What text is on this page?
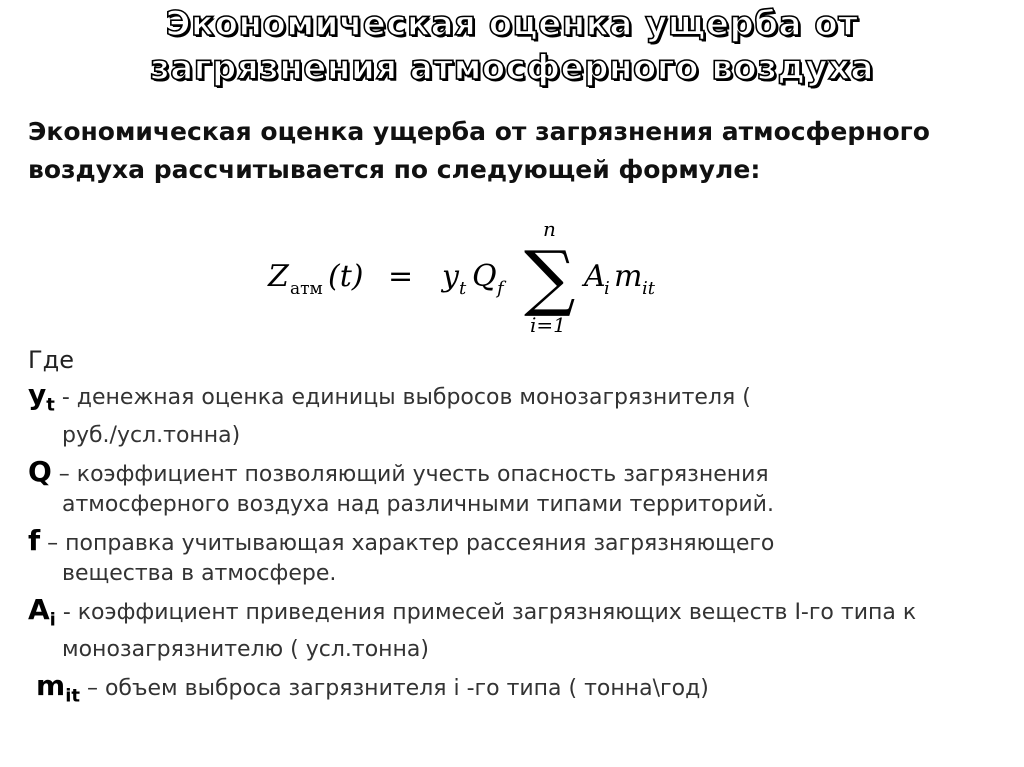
Экономическая оценка ущерба от
загрязнения атмосферного воздуха
Экономическая оценка ущерба от загрязнения атмосферного
воздуха рассчитывается по следующей формуле:
Z атм (t) = y t Q f ∑
n
i=1
A
i m it
Где
$y_t$ - денежная оценка единицы выбросов монозагрязнителя (
руб./усл.тонна)
Q – коэффициент позволяющий учесть опасность загрязнения
атмосферного воздуха над различными типами территорий.
f – поправка учитывающая характер рассеяния загрязняющего
вещества в атмосфере.
$A_i$ - коэффициент приведения примесей загрязняющих веществ I-го типа к
монозагрязнителю ( усл.тонна)
$m_{it}$ – объем выброса загрязнителя i -го типа ( тонна\год)
